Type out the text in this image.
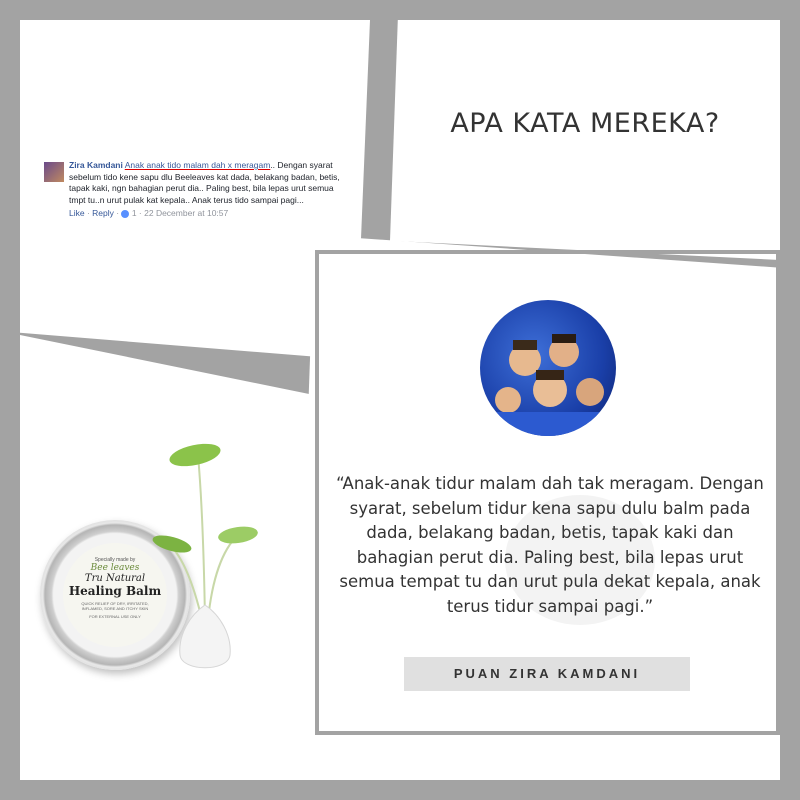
Zira Kamdani Anak anak tido malam dah x meragam.. Dengan syarat sebelum tido kene sapu dlu Beeleaves kat dada, belakang badan, betis, tapak kaki, ngn bahagian perut dia.. Paling best, bila lepas urut semua tmpt tu..n urut pulak kat kepala.. Anak terus tido sampai pagi...
Like · Reply ·  1 · 22 December at 10:57
APA KATA MEREKA?
Specially made by
Bee leaves
Tru Natural
Healing Balm
QUICK RELIEF OF DRY, IRRITATED, INFLAMED, SORE AND ITCHY SKIN
FOR EXTERNAL USE ONLY
“Anak-anak tidur malam dah tak meragam. Dengan syarat, sebelum tidur kena sapu dulu balm pada dada, belakang badan, betis, tapak kaki dan bahagian perut dia. Paling best, bila lepas urut semua tempat tu dan urut pula dekat kepala, anak terus tidur sampai pagi.”
PUAN ZIRA KAMDANI
